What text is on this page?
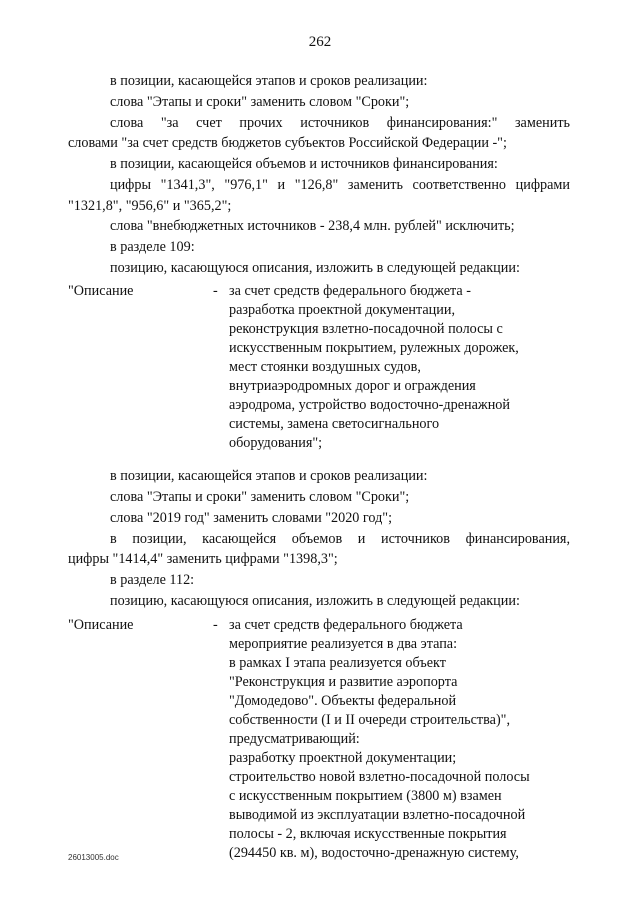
262
в позиции, касающейся этапов и сроков реализации:
слова "Этапы и сроки" заменить словом "Сроки";
слова "за счет прочих источников финансирования:" заменить
словами "за счет средств бюджетов субъектов Российской Федерации -";
в позиции, касающейся объемов и источников финансирования:
цифры "1341,3", "976,1" и "126,8" заменить соответственно цифрами
"1321,8", "956,6" и "365,2";
слова "внебюджетных источников - 238,4 млн. рублей" исключить;
в разделе 109:
позицию, касающуюся описания, изложить в следующей редакции:
"Описание	- за счет средств федерального бюджета -
разработка проектной документации,
реконструкция взлетно-посадочной полосы с
искусственным покрытием, рулежных дорожек,
мест стоянки воздушных судов,
внутриаэродромных дорог и ограждения
аэродрома, устройство водосточно-дренажной
системы, замена светосигнального
оборудования";
в позиции, касающейся этапов и сроков реализации:
слова "Этапы и сроки" заменить словом "Сроки";
слова "2019 год" заменить словами "2020 год";
в позиции, касающейся объемов и источников финансирования,
цифры "1414,4" заменить цифрами "1398,3";
в разделе 112:
позицию, касающуюся описания, изложить в следующей редакции:
"Описание	- за счет средств федерального бюджета
мероприятие реализуется в два этапа:
в рамках I этапа реализуется объект
"Реконструкция и развитие аэропорта
"Домодедово". Объекты федеральной
собственности (I и II очереди строительства)",
предусматривающий:
разработку проектной документации;
строительство новой взлетно-посадочной полосы
с искусственным покрытием (3800 м) взамен
выводимой из эксплуатации взлетно-посадочной
полосы - 2, включая искусственные покрытия
(294450 кв. м), водосточно-дренажную систему,
26013005.doc
